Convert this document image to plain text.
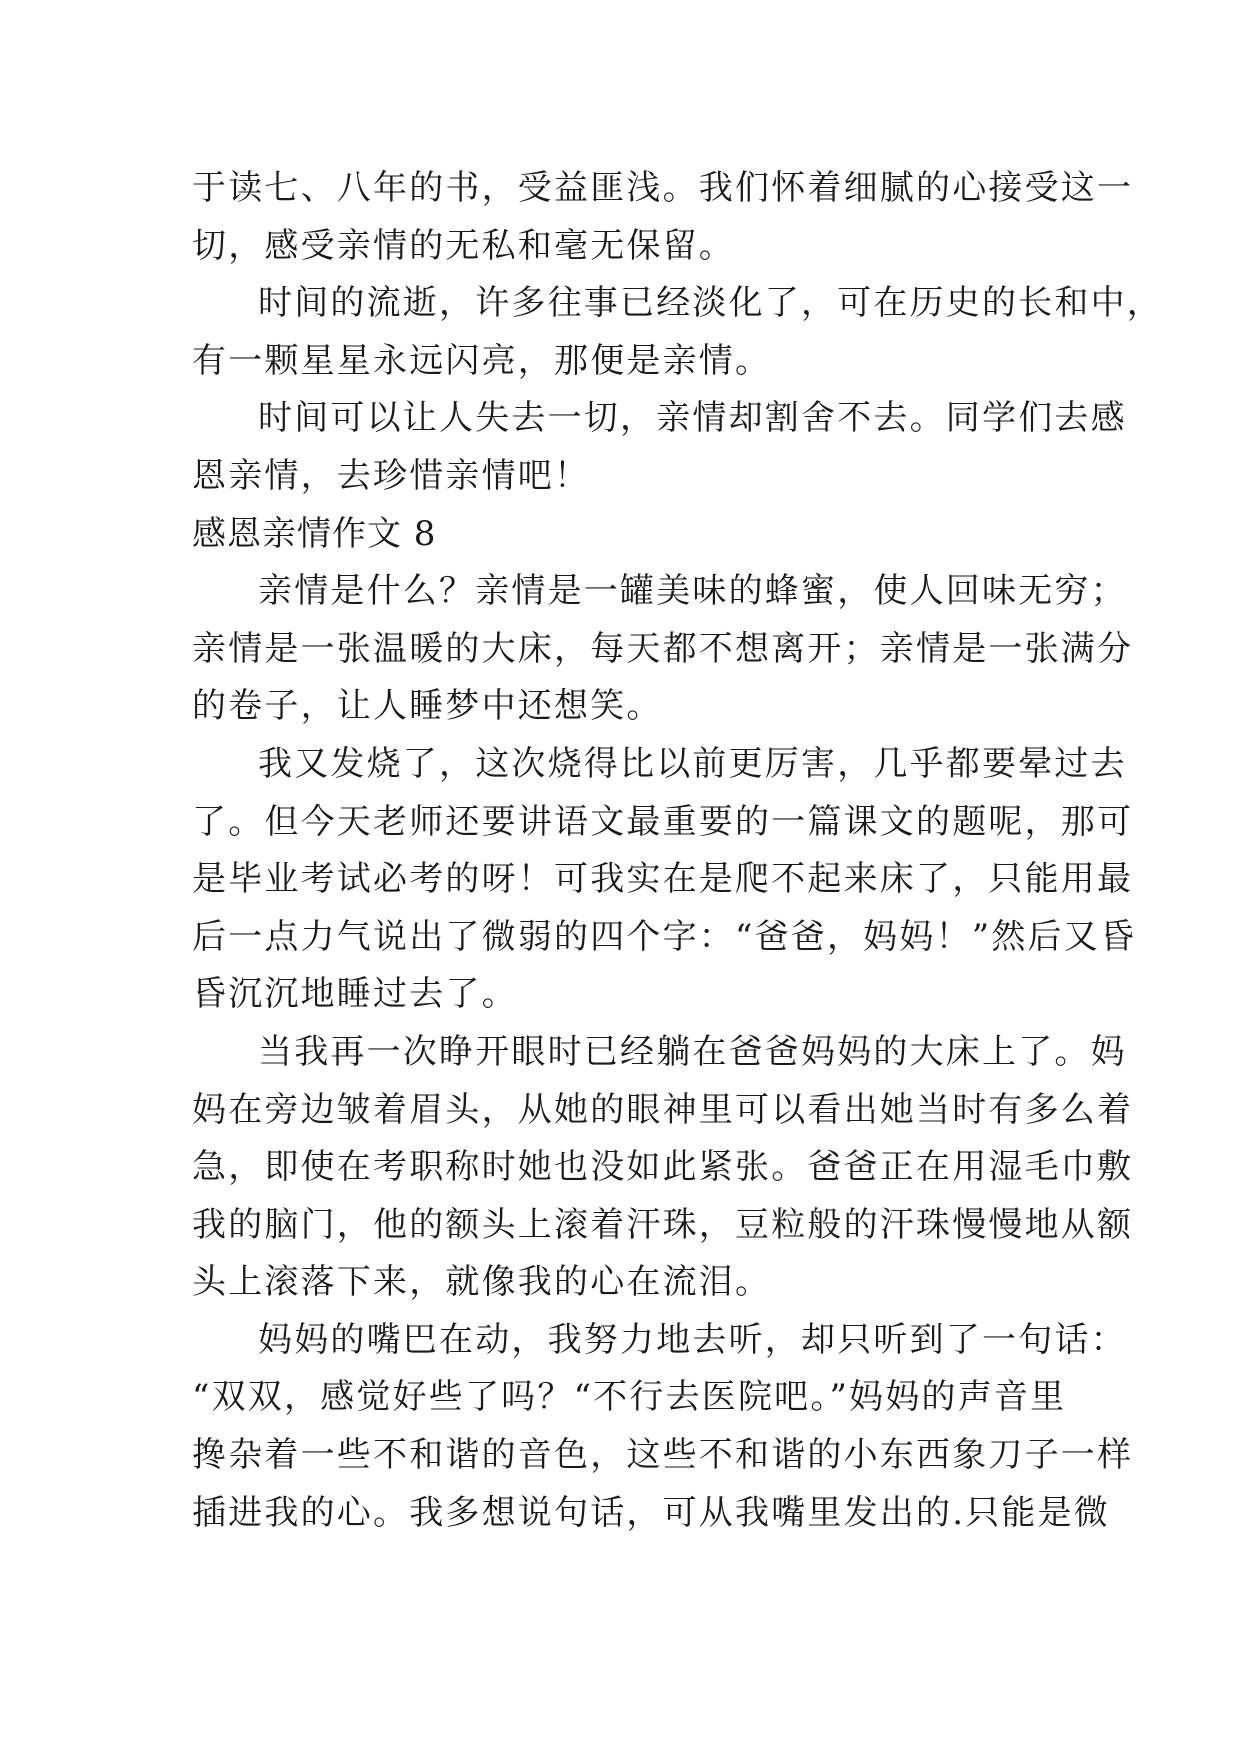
于读七、八年的书，受益匪浅。我们怀着细腻的心接受这一
切，感受亲情的无私和毫无保留。
时间的流逝，许多往事已经淡化了，可在历史的长和中，
有一颗星星永远闪亮，那便是亲情。
时间可以让人失去一切，亲情却割舍不去。同学们去感
恩亲情，去珍惜亲情吧！
感恩亲情作文 8
亲情是什么？亲情是一罐美味的蜂蜜，使人回味无穷；
亲情是一张温暖的大床，每天都不想离开；亲情是一张满分
的卷子，让人睡梦中还想笑。
我又发烧了，这次烧得比以前更厉害，几乎都要晕过去
了。但今天老师还要讲语文最重要的一篇课文的题呢，那可
是毕业考试必考的呀！可我实在是爬不起来床了，只能用最
后一点力气说出了微弱的四个字：“爸爸，妈妈！”然后又昏
昏沉沉地睡过去了。
当我再一次睁开眼时已经躺在爸爸妈妈的大床上了。妈
妈在旁边皱着眉头，从她的眼神里可以看出她当时有多么着
急，即使在考职称时她也没如此紧张。爸爸正在用湿毛巾敷
我的脑门，他的额头上滚着汗珠，豆粒般的汗珠慢慢地从额
头上滚落下来，就像我的心在流泪。
妈妈的嘴巴在动，我努力地去听，却只听到了一句话：
“双双，感觉好些了吗？“不行去医院吧。”妈妈的声音里
搀杂着一些不和谐的音色，这些不和谐的小东西象刀子一样
插进我的心。我多想说句话，可从我嘴里发出的.只能是微
